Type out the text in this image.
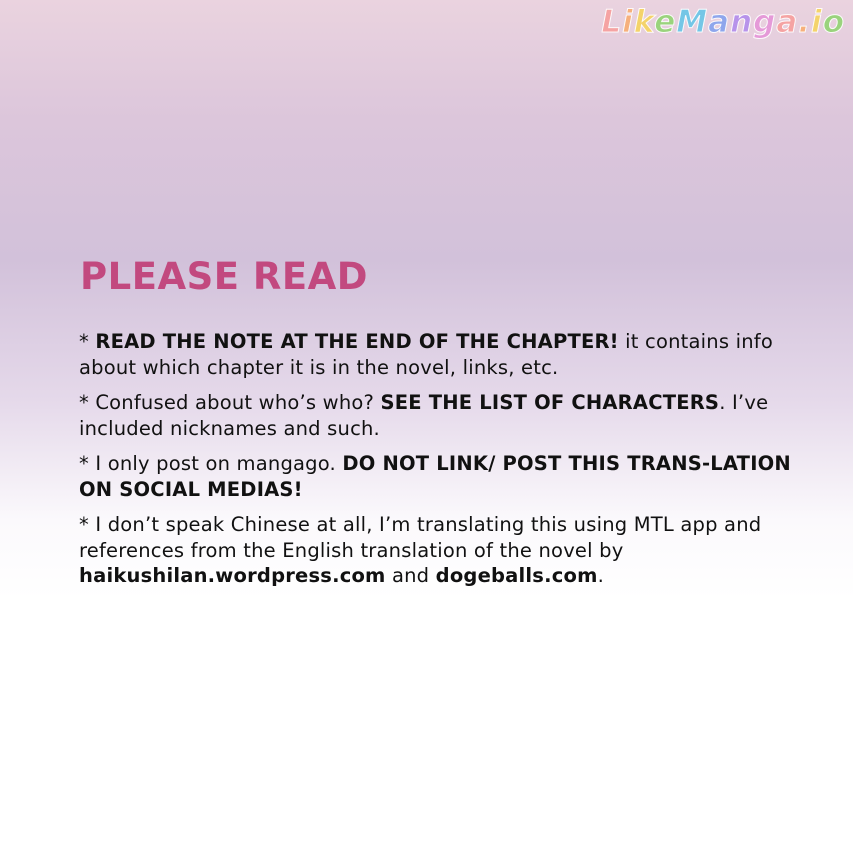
LikeManga.io
PLEASE READ
* READ THE NOTE AT THE END OF THE CHAPTER! it contains info about which chapter it is in the novel, links, etc.
* Confused about who’s who? SEE THE LIST OF CHARACTERS. I’ve included nicknames and such.
* I only post on mangago. DO NOT LINK/ POST THIS TRANS-LATION ON SOCIAL MEDIAS!
* I don’t speak Chinese at all, I’m translating this using MTL app and references from the English translation of the novel by haikushilan.wordpress.com and dogeballs.com.
